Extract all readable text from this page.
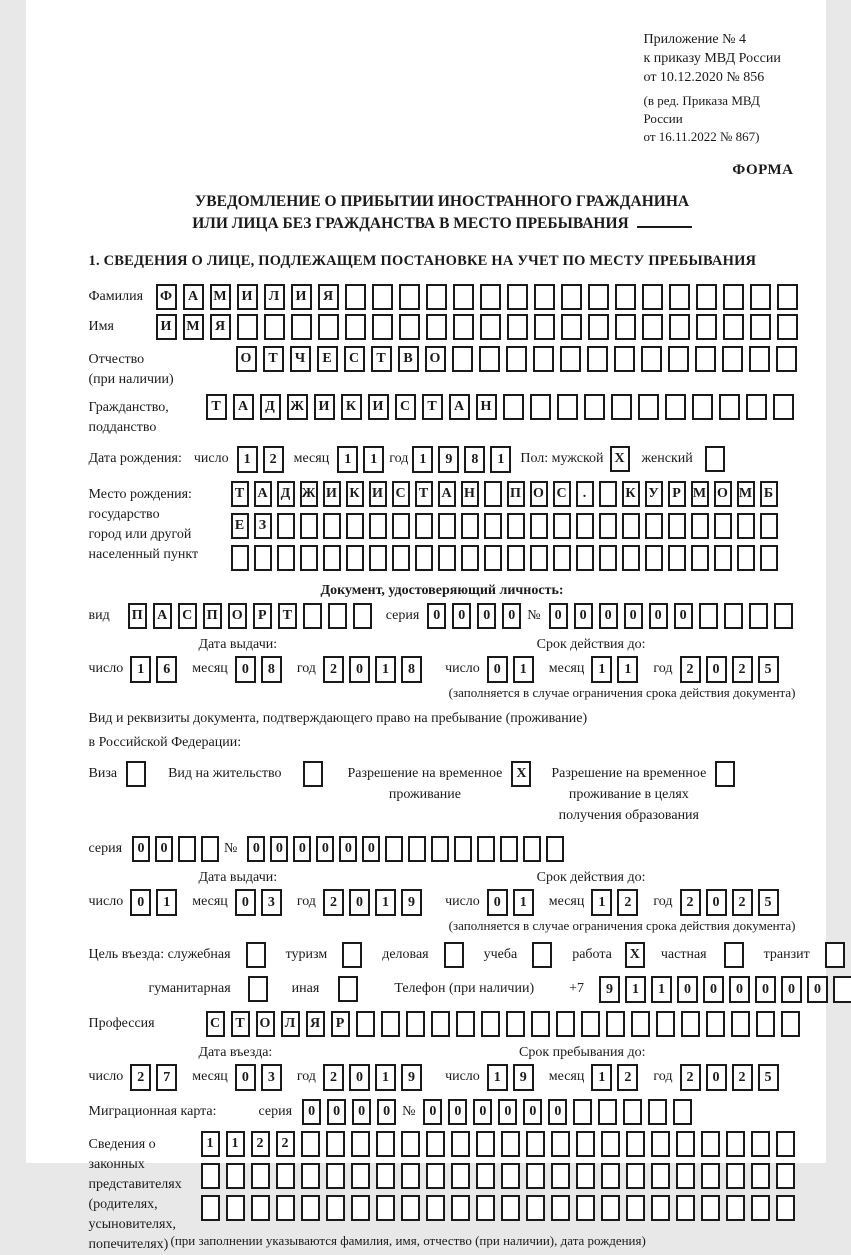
Приложение № 4
к приказу МВД России
от 10.12.2020 № 856
(в ред. Приказа МВД России
от 16.11.2022 № 867)
ФОРМА
УВЕДОМЛЕНИЕ О ПРИБЫТИИ ИНОСТРАННОГО ГРАЖДАНИНА
ИЛИ ЛИЦА БЕЗ ГРАЖДАНСТВА В МЕСТО ПРЕБЫВАНИЯ
1. СВЕДЕНИЯ О ЛИЦЕ, ПОДЛЕЖАЩЕМ ПОСТАНОВКЕ НА УЧЕТ ПО МЕСТУ ПРЕБЫВАНИЯ
Фамилия	Ф	А	М	И	Л	И	Я
Имя	И	М	Я
Отчество
(при наличии)
О	Т	Ч	Е	С	Т	В	О
Гражданство,
подданство
Т	А	Д	Ж	И	К	И	С	Т	А	Н
Дата рождения: число	1	2	месяц	1	1 год 1	9	8	1	Пол: мужской X	женский
Место рождения:
государство
город или другой
населенный пункт
Т А Д Ж И К И С Т А Н	П О С	.	К У Р М О М Б
Е	З
Документ, удостоверяющий личность:
вид П	А	С	П О	Р	Т	серия	0	0	0	0 №	0	0	0	0	0	0
Дата выдачи:	Срок действия до:
число	1	6	месяц	0	8	год	2	0	1	8	число	0	1	месяц	1	1	год	2	0	2	5
(заполняется в случае ограничения срока действия документа)
Вид и реквизиты документа, подтверждающего право на пребывание (проживание)
в Российской Федерации:
Виза	Вид на жительство	Разрешение на временное
проживание
X	Разрешение на временное
проживание в целях
получения образования
серия	0	0	№	0	0	0	0	0	0
Дата выдачи:	Срок действия до:
число	0	1	месяц	0	3	год	2	0	1	9	число	0	1	месяц	1	2	год	2	0	2	5
(заполняется в случае ограничения срока действия документа)
Цель въезда: служебная	туризм	деловая	учеба	работа	X	частная	транзит
гуманитарная	иная	Телефон (при наличии)	+7	9	1	1	0	0	0	0	0	0
Профессия	С	Т	О	Л	Я	Р
Дата въезда:	Срок пребывания до:
число	2	7	месяц	0	3	год	2	0	1	9	число	1	9	месяц	1	2	год	2	0	2	5
Миграционная карта:	серия	0	0	0	0 №	0	0	0	0	0	0
Сведения о
законных
представителях
(родителях,
усыновителях,
попечителях)
1	1	2	2
(при заполнении указываются фамилия, имя, отчество (при наличии), дата рождения)
